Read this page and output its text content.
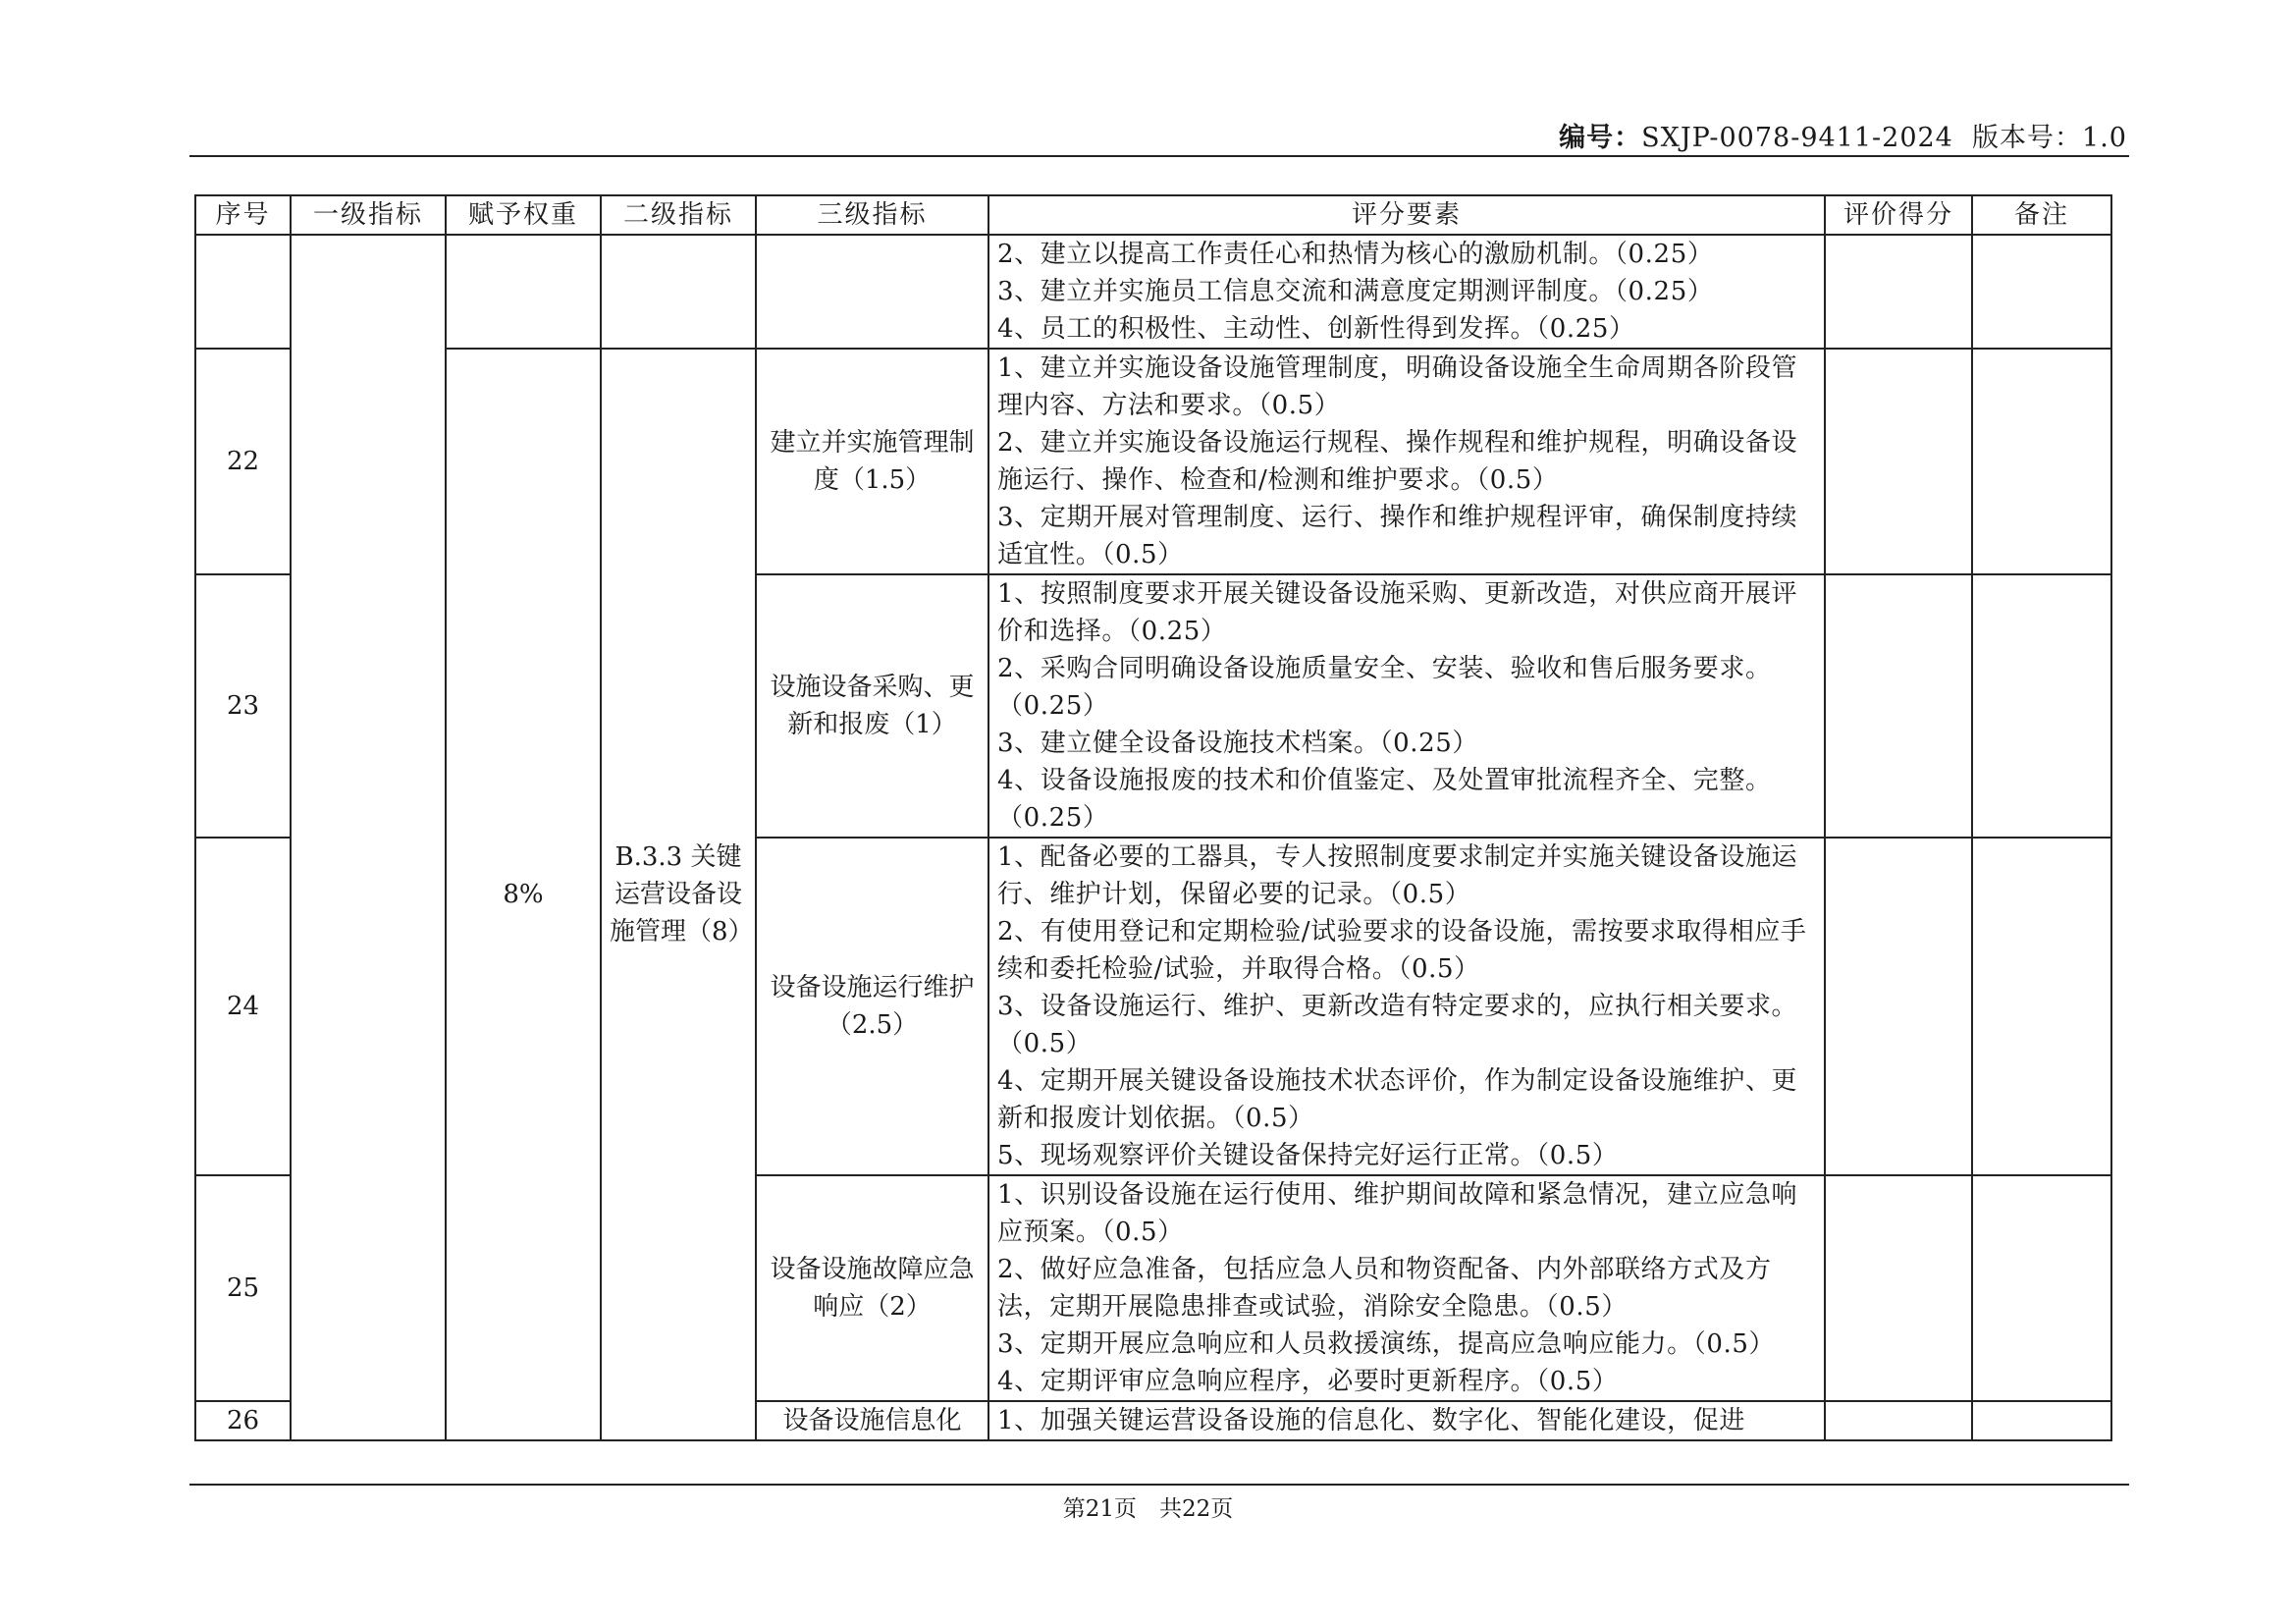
编号：SXJP-0078-9411-2024 版本号：1.0
序号	一级指标	赋予权重	二级指标	三级指标	评分要素	评价得分	备注

					2、建立以提高工作责任心和热情为核心的激励机制。（0.25）
3、建立并实施员工信息交流和满意度定期测评制度。（0.25）
4、员工的积极性、主动性、创新性得到发挥。（0.25）		

22		8%	B.3.3 关键运营设备设施管理（8）	建立并实施管理制度（1.5）	1、建立并实施设备设施管理制度，明确设备设施全生命周期各阶段管理内容、方法和要求。（0.5）
2、建立并实施设备设施运行规程、操作规程和维护规程，明确设备设施运行、操作、检查和/检测和维护要求。（0.5）
3、定期开展对管理制度、运行、操作和维护规程评审，确保制度持续适宜性。（0.5）		

23				设施设备采购、更新和报废（1）	1、按照制度要求开展关键设备设施采购、更新改造，对供应商开展评价和选择。（0.25）
2、采购合同明确设备设施质量安全、安装、验收和售后服务要求。（0.25）
3、建立健全设备设施技术档案。（0.25）
4、设备设施报废的技术和价值鉴定、及处置审批流程齐全、完整。（0.25）		

24				设备设施运行维护（2.5）	1、配备必要的工器具，专人按照制度要求制定并实施关键设备设施运行、维护计划，保留必要的记录。（0.5）
2、有使用登记和定期检验/试验要求的设备设施，需按要求取得相应手续和委托检验/试验，并取得合格。（0.5）
3、设备设施运行、维护、更新改造有特定要求的，应执行相关要求。（0.5）
4、定期开展关键设备设施技术状态评价，作为制定设备设施维护、更新和报废计划依据。（0.5）
5、现场观察评价关键设备保持完好运行正常。（0.5）		

25				设备设施故障应急响应（2）	1、识别设备设施在运行使用、维护期间故障和紧急情况，建立应急响应预案。（0.5）
2、做好应急准备，包括应急人员和物资配备、内外部联络方式及方法，定期开展隐患排查或试验，消除安全隐患。（0.5）
3、定期开展应急响应和人员救援演练，提高应急响应能力。（0.5）
4、定期评审应急响应程序，必要时更新程序。（0.5）		

26				设备设施信息化	1、加强关键运营设备设施的信息化、数字化、智能化建设，促进		

第21页　共22页
